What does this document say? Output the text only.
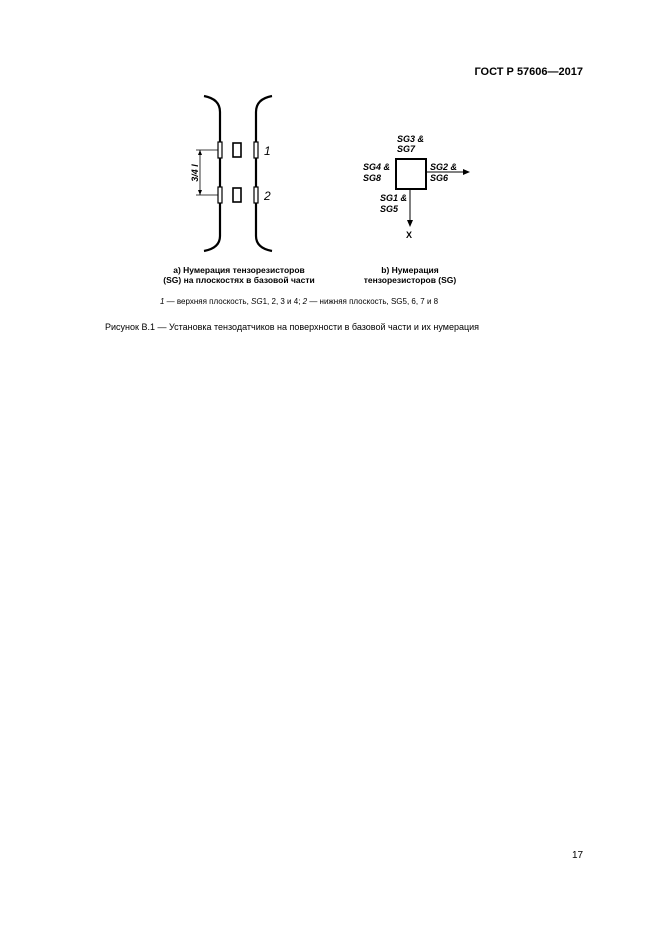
ГОСТ Р 57606—2017
3/4 l
1
2
SG3 &
SG7
SG4 &
SG8
SG2 &
SG6
SG1 &
SG5
X
a) Нумерация тензорезисторов
(SG) на плоскостях в базовой части
b) Нумерация
тензорезисторов (SG)
1 — верхняя плоскость, SG1, 2, 3 и 4; 2 — нижняя плоскость, SG5, 6, 7 и 8
Рисунок В.1 — Установка тензодатчиков на поверхности в базовой части и их нумерация
17
